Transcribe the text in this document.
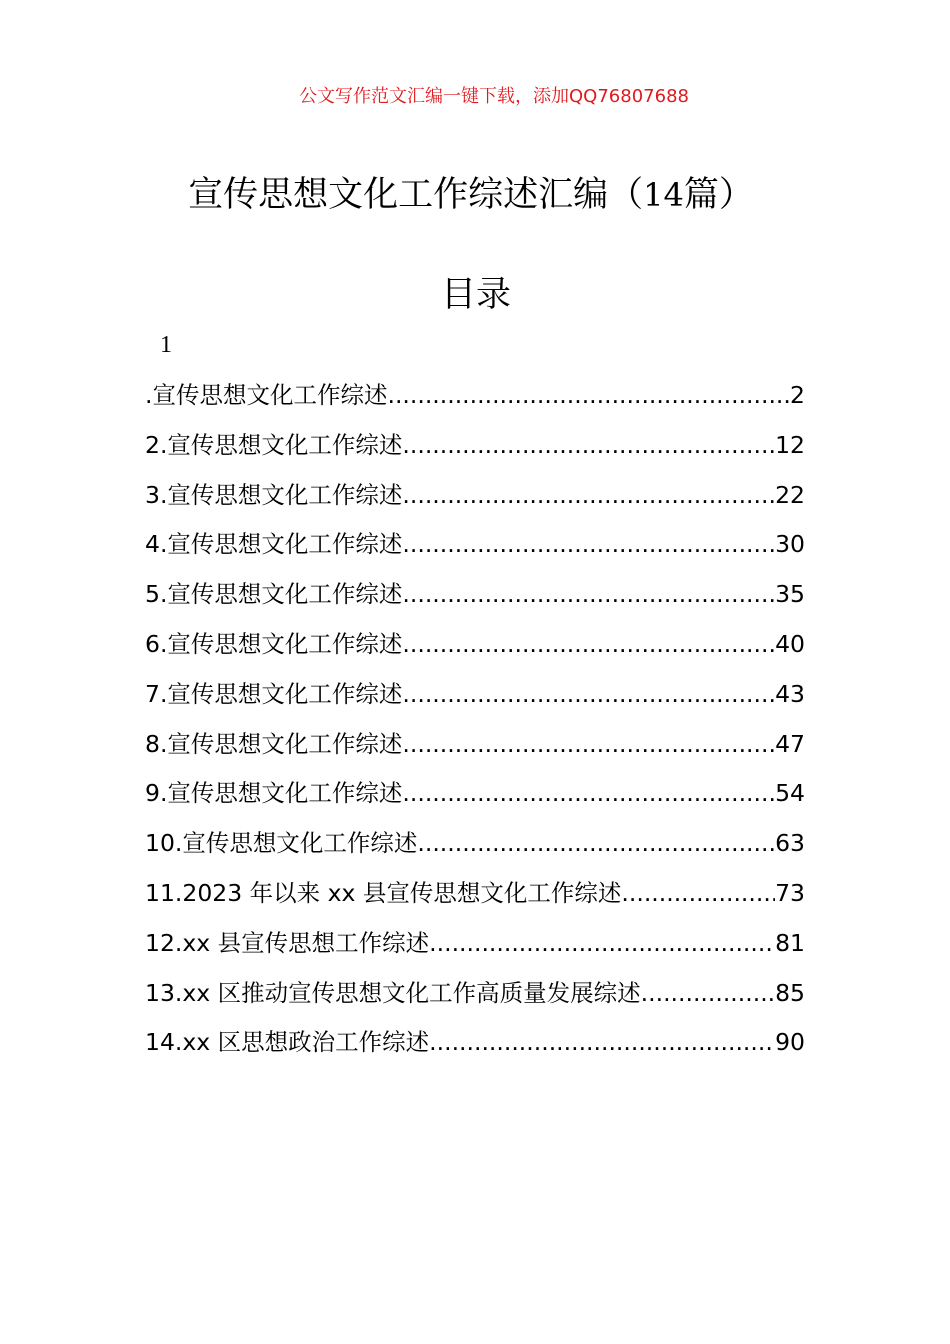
公文写作范文汇编一键下载，添加QQ76807688
宣传思想文化工作综述汇编（14篇）
目录
1
.宣传思想文化工作综述 .....	2
2.宣传思想文化工作综述 .....	12
3.宣传思想文化工作综述 .....	22
4.宣传思想文化工作综述 .....	30
5.宣传思想文化工作综述 .....	35
6.宣传思想文化工作综述 .....	40
7.宣传思想文化工作综述 .....	43
8.宣传思想文化工作综述 .....	47
9.宣传思想文化工作综述 .....	54
10.宣传思想文化工作综述 .....	63
11.2023 年以来 xx 县宣传思想文化工作综述 .....	73
12.xx 县宣传思想工作综述 .....	81
13.xx 区推动宣传思想文化工作高质量发展综述 .....	85
14.xx 区思想政治工作综述 .....	90
